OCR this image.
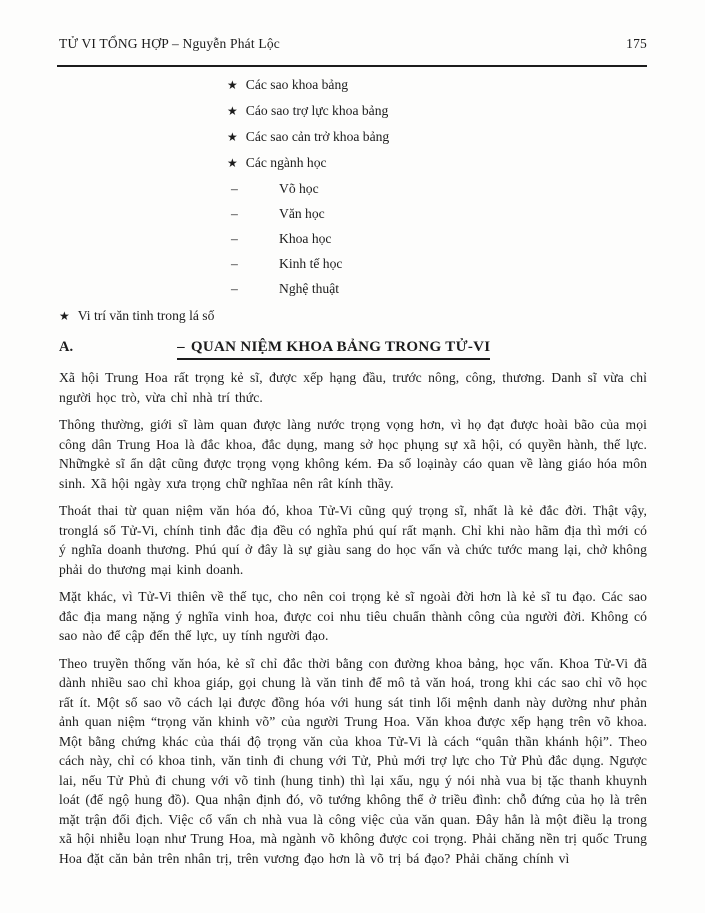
TỬ VI TỔNG HỢP – Nguyễn Phát Lộc	175
★ Các sao khoa bảng
★ Cáo sao trợ lực khoa bảng
★ Các sao cản trở khoa bảng
★ Các ngành học
–	Võ học
–	Văn học
–	Khoa học
–	Kinh tế học
–	Nghệ thuật
★ Vi trí văn tinh trong lá số
A.	– QUAN NIỆM KHOA BẢNG TRONG TỬ-VI

Xã hội Trung Hoa rất trọng kẻ sĩ, được xếp hạng đầu, trước nông, công, thương. Danh sĩ vừa chỉ người học trò, vừa chỉ nhà trí thức.

Thông thường, giới sĩ làm quan được làng nước trọng vọng hơn, vì họ đạt được hoài bão của mọi công dân Trung Hoa là đắc khoa, đắc dụng, mang sở học phụng sự xã hội, có quyền hành, thế lực. Nhữngkẻ sĩ ẩn dật cũng được trọng vọng không kém. Đa số loạinày cáo quan về làng giáo hóa môn sinh. Xã hội ngày xưa trọng chữ nghĩaa nên rât kính thầy.

Thoát thai từ quan niệm văn hóa đó, khoa Tử-Vi cũng quý trọng sĩ, nhất là kẻ đắc đời. Thật vậy, tronglá số Tử-Vi, chính tinh đắc địa đều có nghĩa phú quí rất mạnh. Chỉ khi nào hãm địa thì mới có ý nghĩa doanh thương. Phú quí ở đây là sự giàu sang do học vấn và chức tước mang lại, chở không phải do thương mại kinh doanh.

Mặt khác, vì Tử-Vi thiên về thế tục, cho nên coi trọng kẻ sĩ ngoài đời hơn là kẻ sĩ tu đạo. Các sao đắc địa mang nặng ý nghĩa vinh hoa, được coi nhu tiêu chuẩn thành công của người đời. Không có sao nào để cập đến thế lực, uy tính người đạo.

Theo truyền thống văn hóa, kẻ sĩ chỉ đắc thời bằng con đường khoa bảng, học vấn. Khoa Tử-Vi đã dành nhiều sao chỉ khoa giáp, gọi chung là văn tinh để mô tả văn hoá, trong khi các sao chỉ võ học rất ít. Một số sao võ cách lại được đồng hóa với hung sát tinh lối mệnh danh này dường như phản ảnh quan niệm “trọng văn khinh võ” của người Trung Hoa. Văn khoa được xếp hạng trên võ khoa. Một bằng chứng khác của thái độ trọng văn của khoa Tử-Vi là cách “quân thần khánh hội”. Theo cách này, chỉ có khoa tinh, văn tinh đi chung với Tử, Phủ mới trợ lực cho Tử Phủ đắc dụng. Ngược lai, nếu Tử Phủ đi chung với võ tinh (hung tinh) thì lại xấu, ngụ ý nói nhà vua bị tặc thanh khuynh loát (đế ngộ hung đồ). Qua nhận định đó, võ tướng không thể ở triều đình: chỗ đứng của họ là trên mặt trận đối địch. Việc cố vấn ch nhà vua là công việc của văn quan. Đây hẳn là một điều lạ trong xã hội nhiễu loạn như Trung Hoa, mà ngành võ không được coi trọng. Phải chăng nền trị quốc Trung Hoa đặt căn bản trên nhân trị, trên vương đạo hơn là võ trị bá đạo? Phải chăng chính vì
